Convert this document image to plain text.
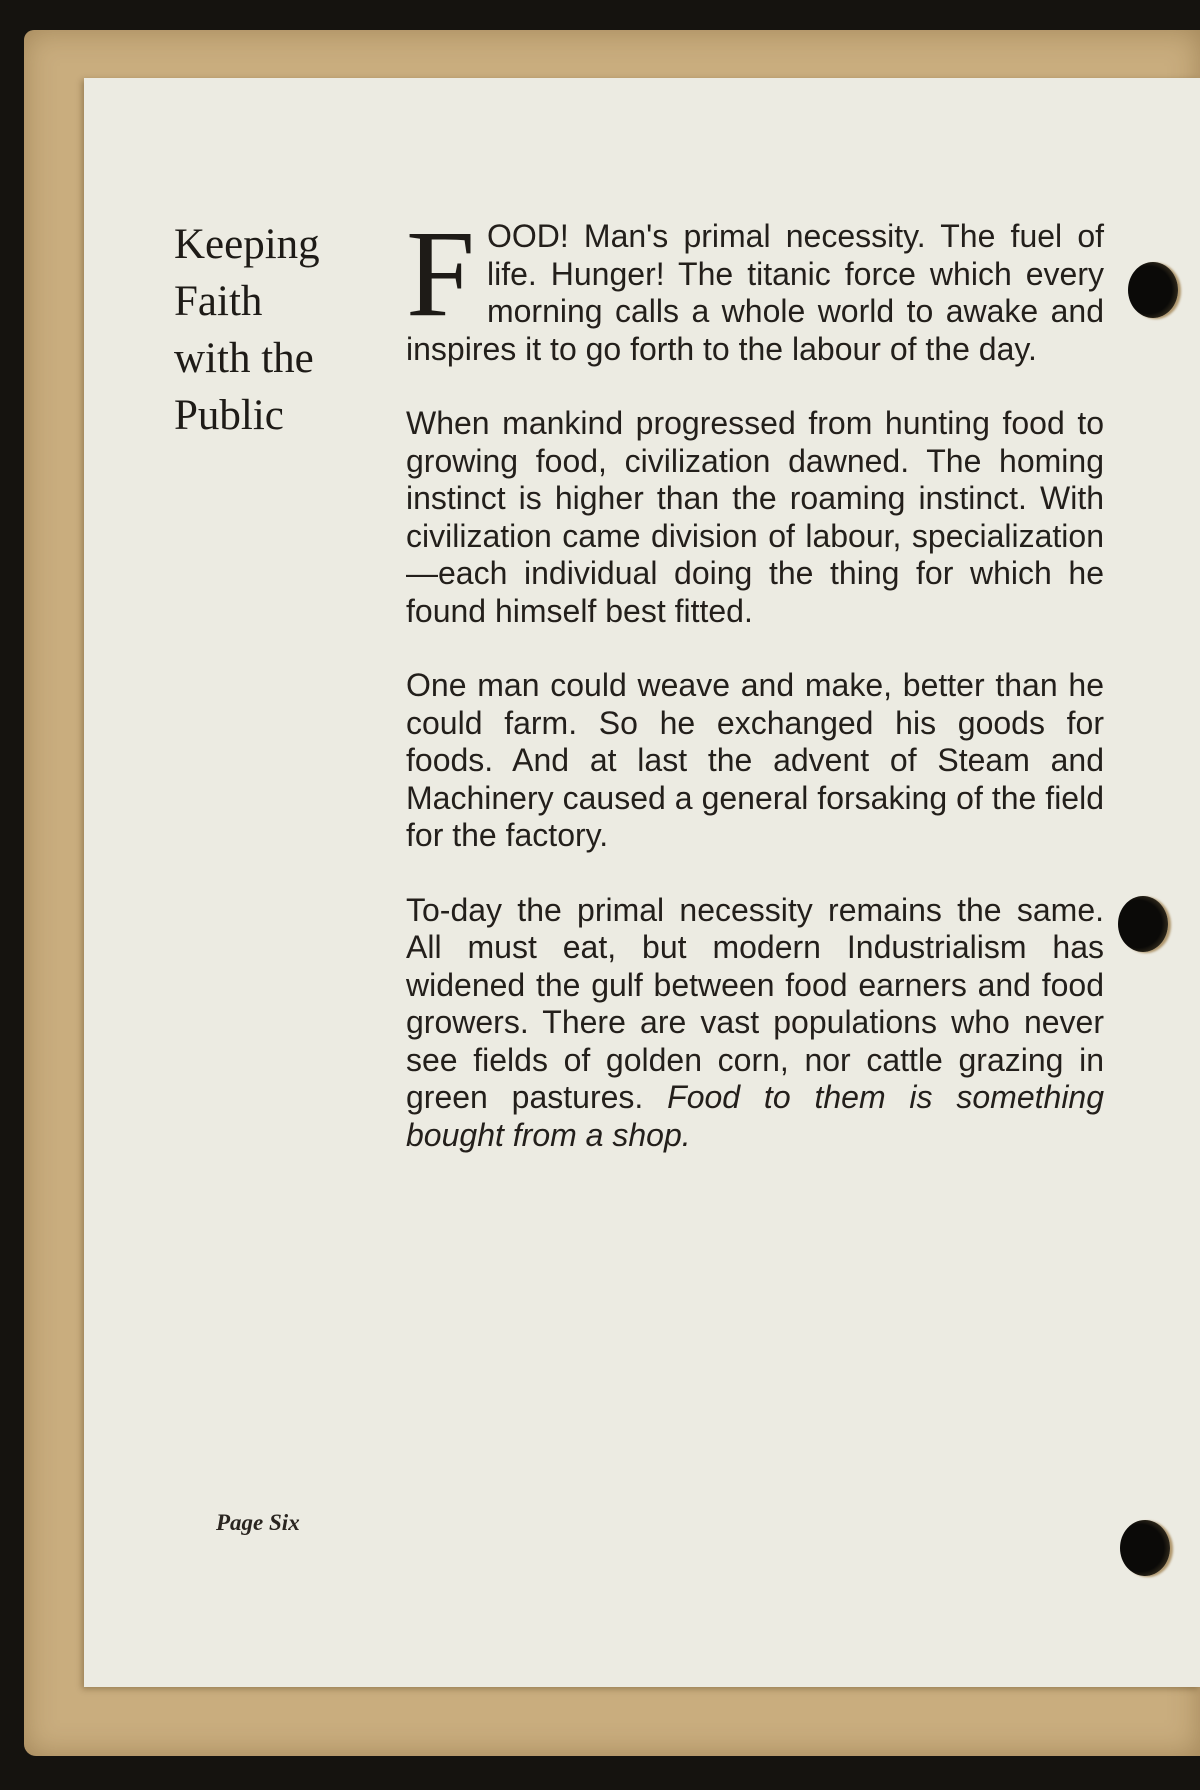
Keeping
Faith
with the
Public

F OOD! Man's primal necessity. The fuel of life. Hunger! The titanic force which every morning calls a whole world to awake and inspires it to go forth to the labour of the day.

When mankind progressed from hunting food to growing food, civilization dawned. The homing instinct is higher than the roaming instinct. With civilization came division of labour, specialization—each individual doing the thing for which he found himself best fitted.

One man could weave and make, better than he could farm. So he exchanged his goods for foods. And at last the advent of Steam and Machinery caused a general forsaking of the field for the factory.

To-day the primal necessity remains the same. All must eat, but modern Industrialism has widened the gulf between food earners and food growers. There are vast populations who never see fields of golden corn, nor cattle grazing in green pastures. Food to them is something bought from a shop.

Page Six
